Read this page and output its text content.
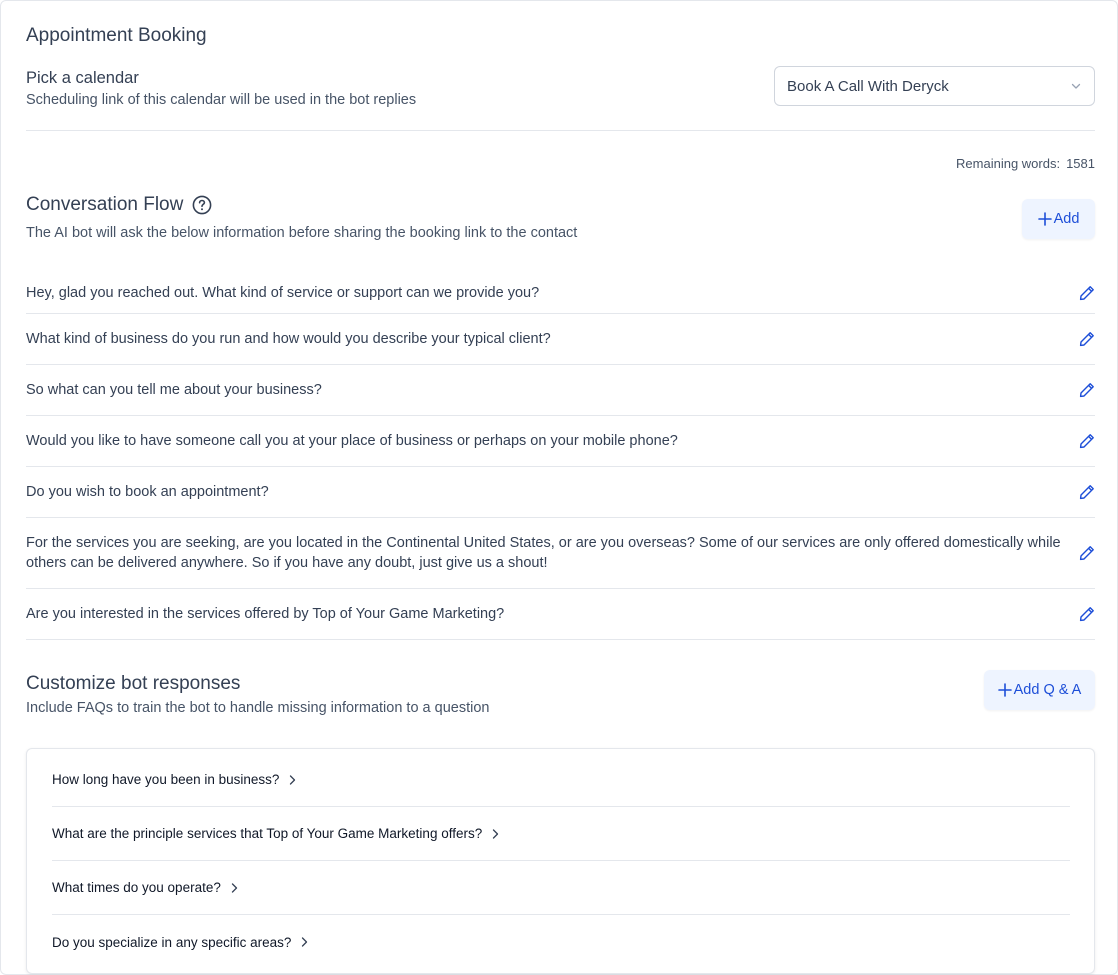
Appointment Booking
Pick a calendar
Scheduling link of this calendar will be used in the bot replies
Book A Call With Deryck
Remaining words: 1581
Conversation Flow
The AI bot will ask the below information before sharing the booking link to the contact
Add
Hey, glad you reached out. What kind of service or support can we provide you?
What kind of business do you run and how would you describe your typical client?
So what can you tell me about your business?
Would you like to have someone call you at your place of business or perhaps on your mobile phone?
Do you wish to book an appointment?
For the services you are seeking, are you located in the Continental United States, or are you overseas? Some of our services are only offered domestically while others can be delivered anywhere. So if you have any doubt, just give us a shout!
Are you interested in the services offered by Top of Your Game Marketing?
Customize bot responses
Include FAQs to train the bot to handle missing information to a question
Add Q & A
How long have you been in business?
What are the principle services that Top of Your Game Marketing offers?
What times do you operate?
Do you specialize in any specific areas?
